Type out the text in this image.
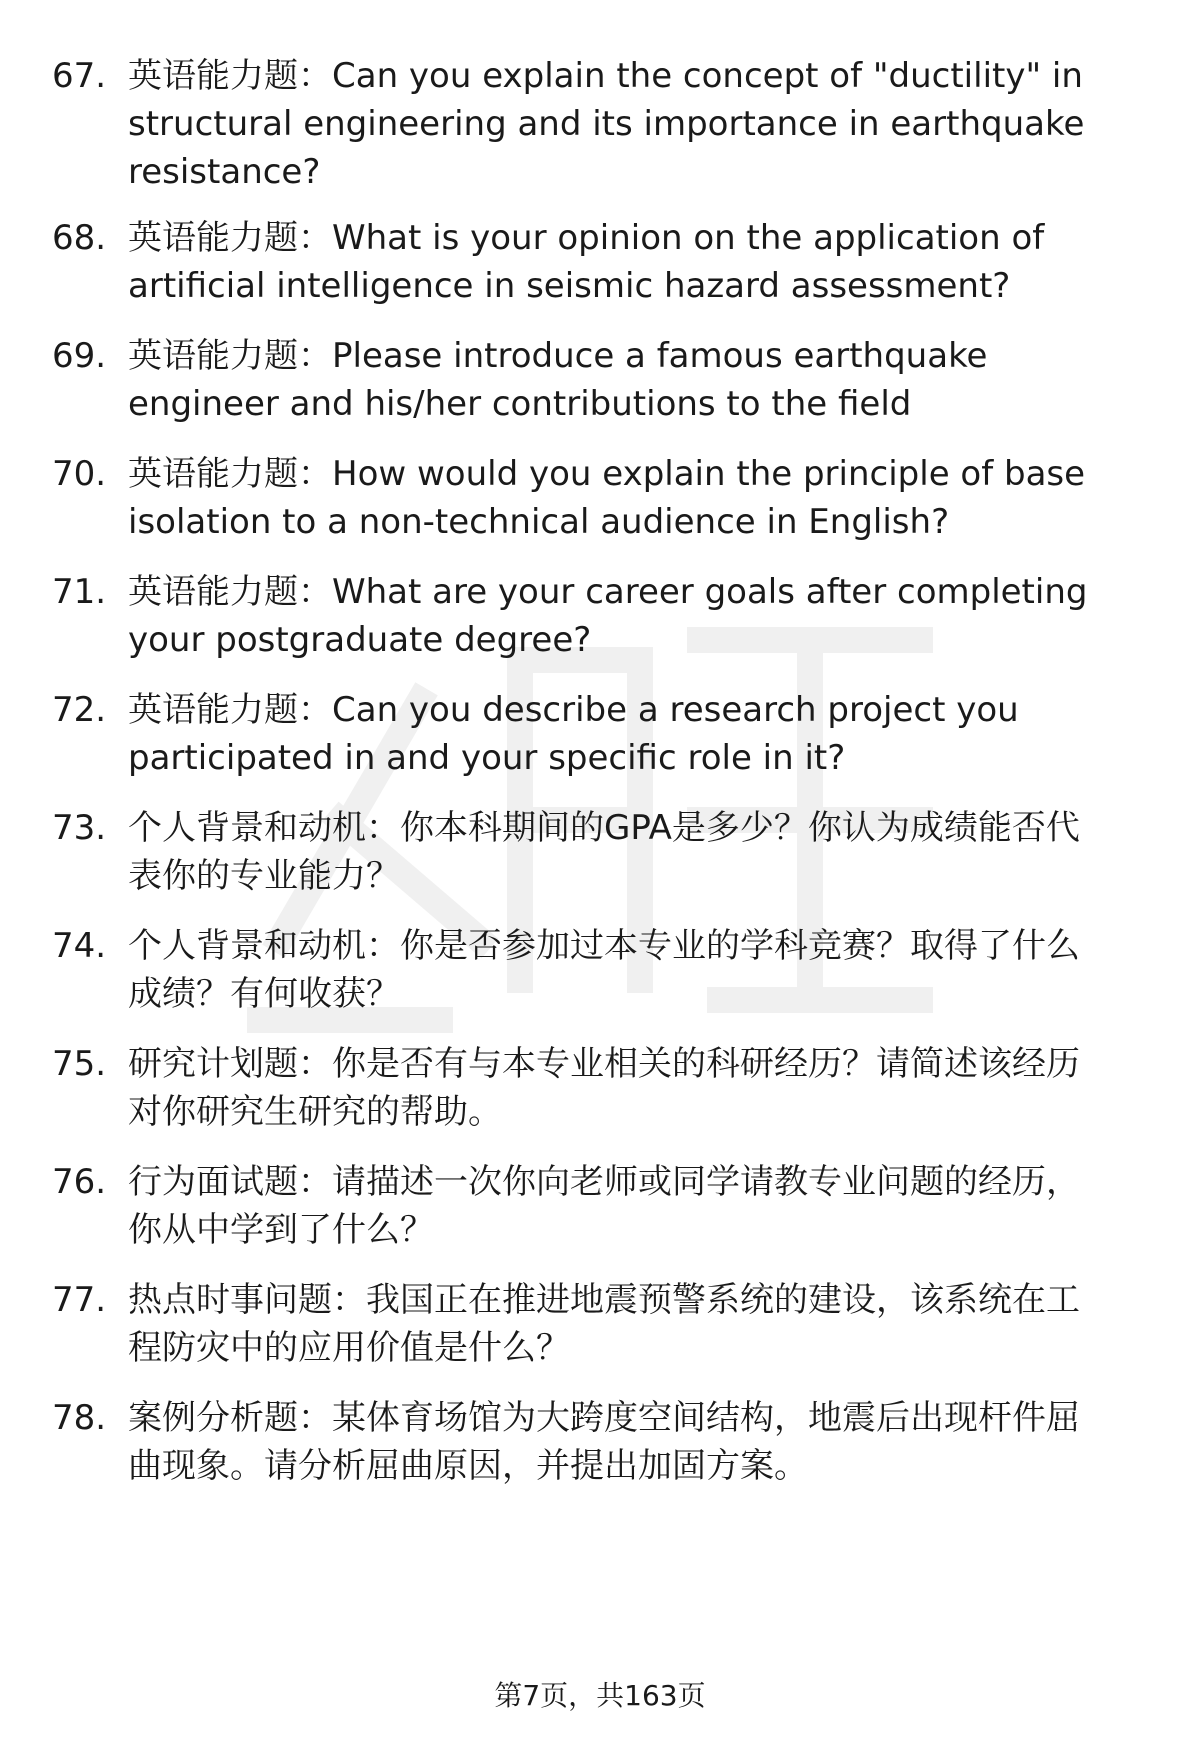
67. 英语能力题：Can you explain the concept of "ductility" in
structural engineering and its importance in earthquake
resistance?
68. 英语能力题：What is your opinion on the application of
artificial intelligence in seismic hazard assessment?
69. 英语能力题：Please introduce a famous earthquake
engineer and his/her contributions to the field
70. 英语能力题：How would you explain the principle of base
isolation to a non-technical audience in English?
71. 英语能力题：What are your career goals after completing
your postgraduate degree?
72. 英语能力题：Can you describe a research project you
participated in and your specific role in it?
73. 个人背景和动机：你本科期间的GPA是多少？你认为成绩能否代
表你的专业能力？
74. 个人背景和动机：你是否参加过本专业的学科竞赛？取得了什么
成绩？有何收获？
75. 研究计划题：你是否有与本专业相关的科研经历？请简述该经历
对你研究生研究的帮助。
76. 行为面试题：请描述一次你向老师或同学请教专业问题的经历，
你从中学到了什么？
77. 热点时事问题：我国正在推进地震预警系统的建设，该系统在工
程防灾中的应用价值是什么？
78. 案例分析题：某体育场馆为大跨度空间结构，地震后出现杆件屈
曲现象。请分析屈曲原因，并提出加固方案。
第7页，共163页
